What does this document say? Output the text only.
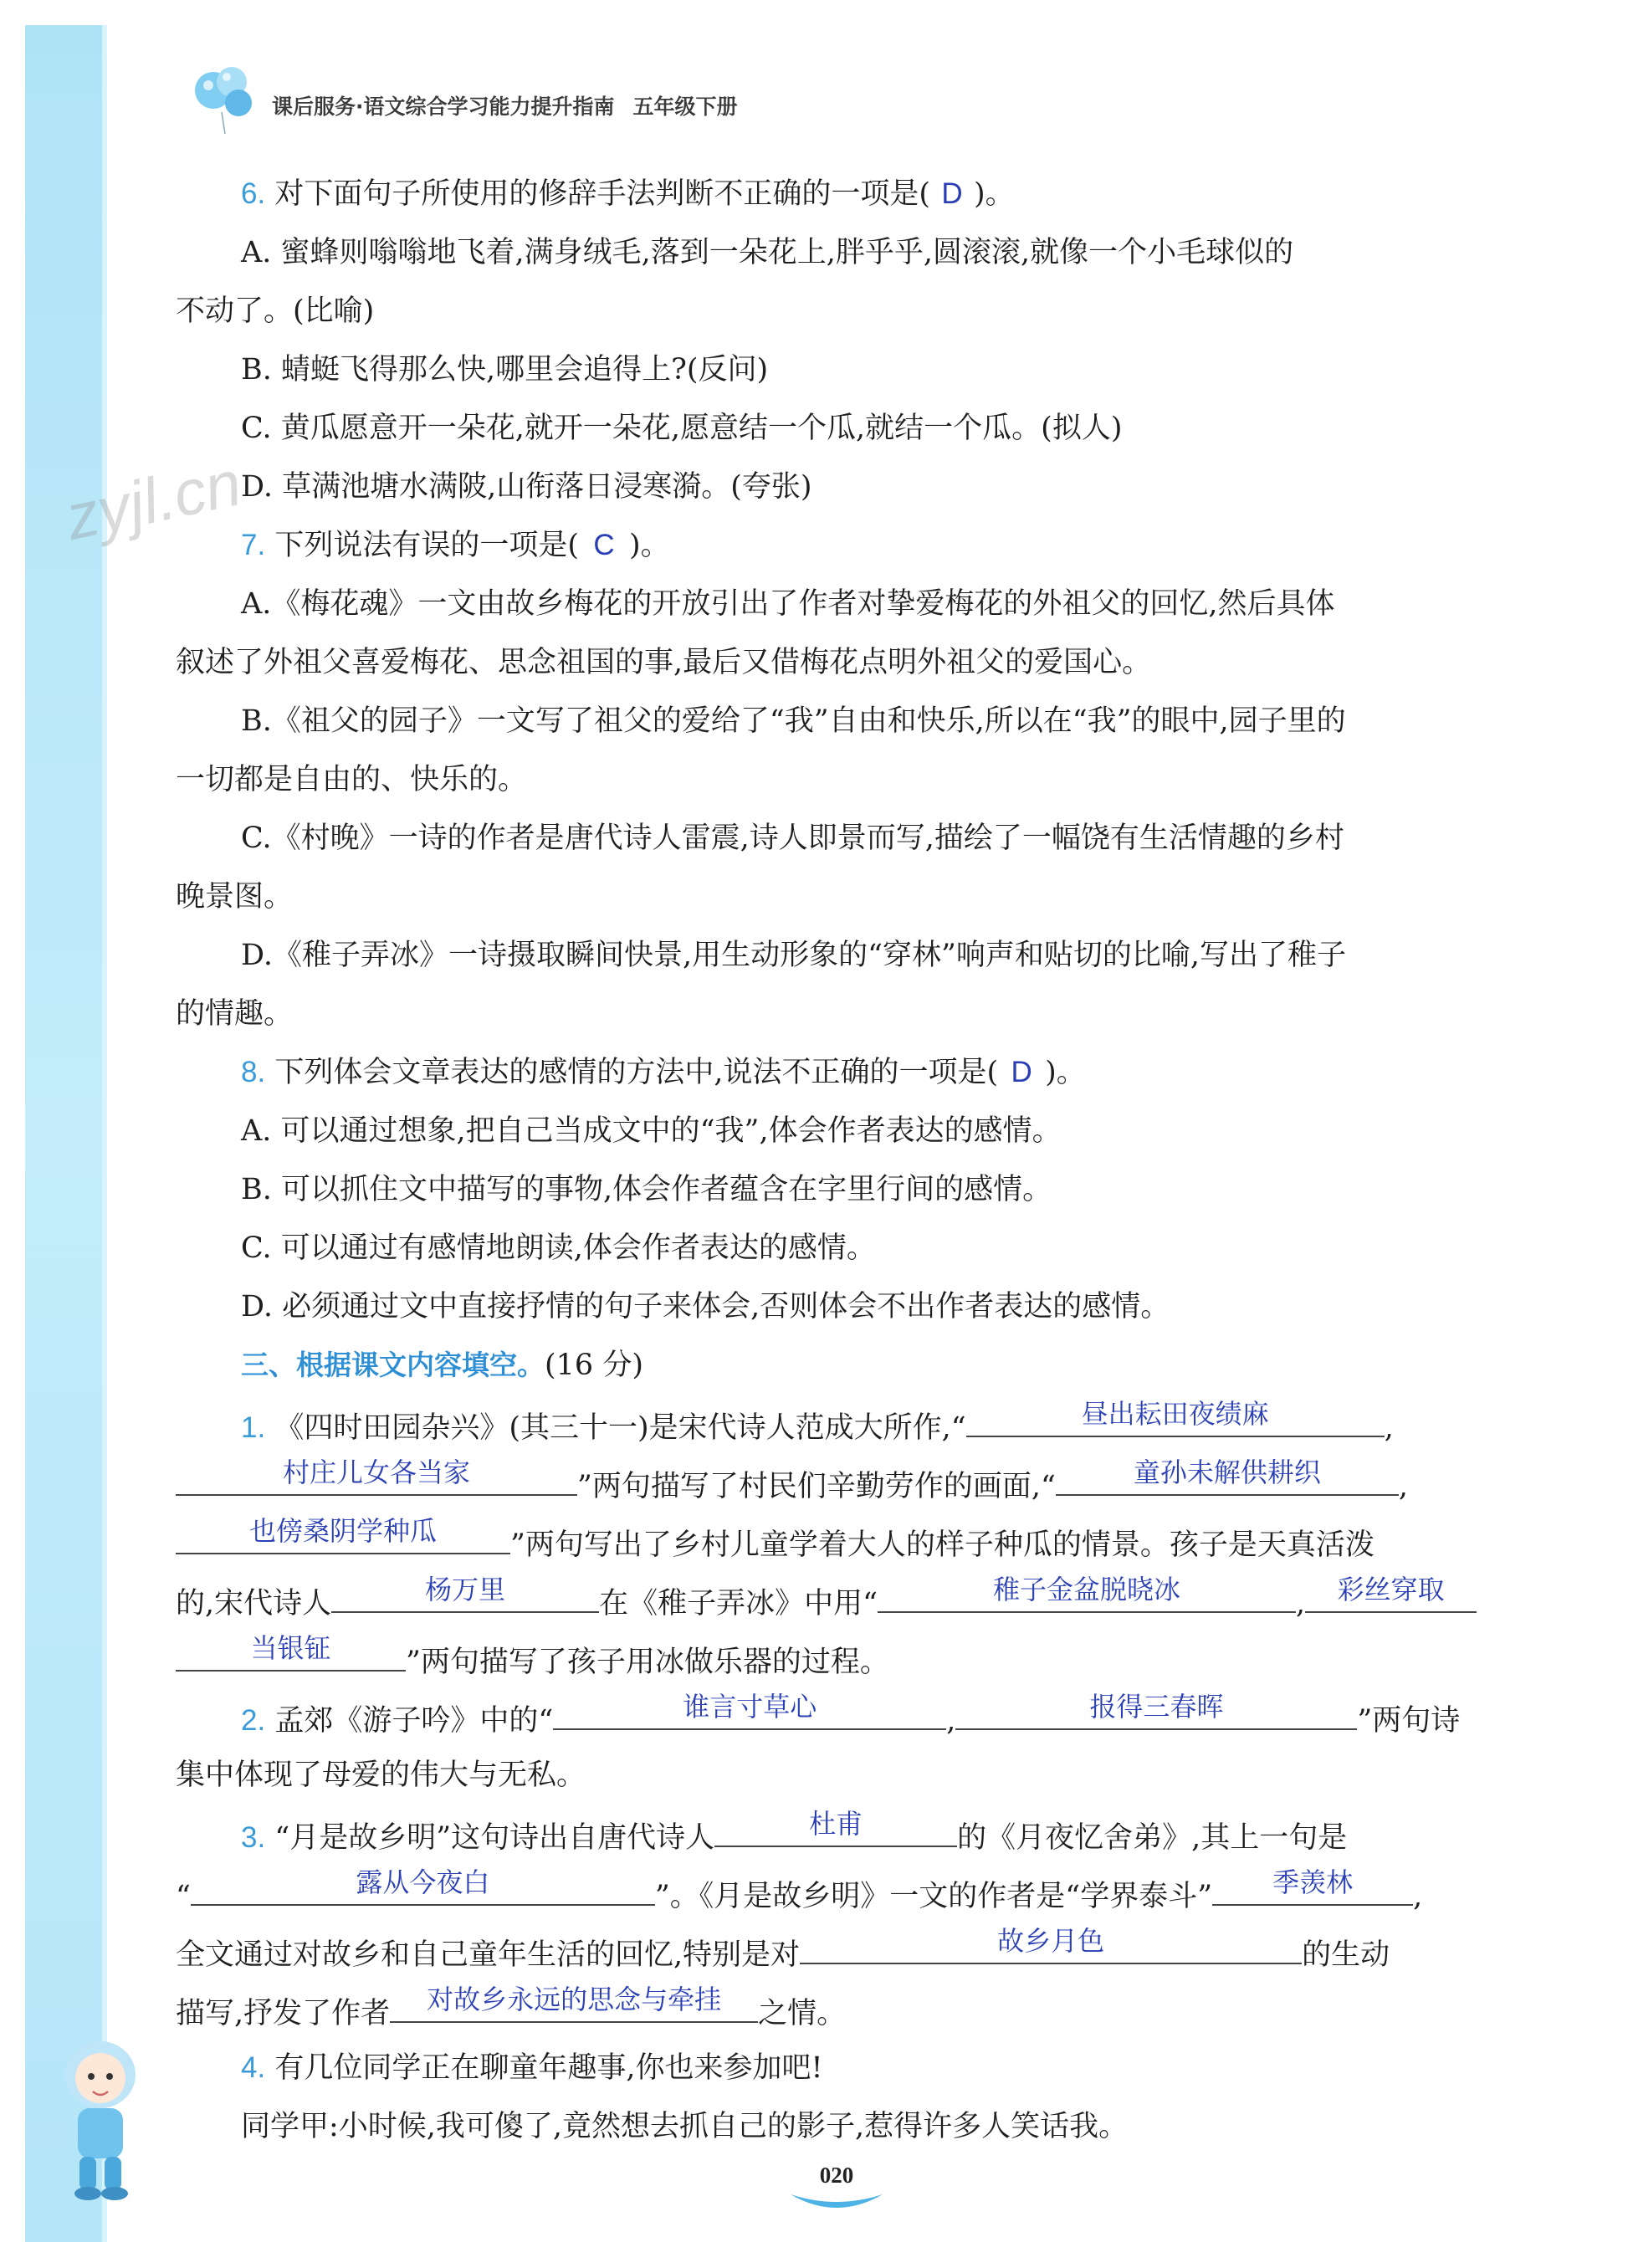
课后服务·语文综合学习能力提升指南 五年级下册
zyjl.cn
6. 对下面句子所使用的修辞手法判断不正确的一项是( D )。
A. 蜜蜂则嗡嗡地飞着,满身绒毛,落到一朵花上,胖乎乎,圆滚滚,就像一个小毛球似的
不动了。(比喻)
B. 蜻蜓飞得那么快,哪里会追得上?(反问)
C. 黄瓜愿意开一朵花,就开一朵花,愿意结一个瓜,就结一个瓜。(拟人)
D. 草满池塘水满陂,山衔落日浸寒漪。(夸张)
7. 下列说法有误的一项是( C )。
A.《梅花魂》一文由故乡梅花的开放引出了作者对挚爱梅花的外祖父的回忆,然后具体
叙述了外祖父喜爱梅花、思念祖国的事,最后又借梅花点明外祖父的爱国心。
B.《祖父的园子》一文写了祖父的爱给了“我”自由和快乐,所以在“我”的眼中,园子里的
一切都是自由的、快乐的。
C.《村晚》一诗的作者是唐代诗人雷震,诗人即景而写,描绘了一幅饶有生活情趣的乡村
晚景图。
D.《稚子弄冰》一诗摄取瞬间快景,用生动形象的“穿林”响声和贴切的比喻,写出了稚子
的情趣。
8. 下列体会文章表达的感情的方法中,说法不正确的一项是( D )。
A. 可以通过想象,把自己当成文中的“我”,体会作者表达的感情。
B. 可以抓住文中描写的事物,体会作者蕴含在字里行间的感情。
C. 可以通过有感情地朗读,体会作者表达的感情。
D. 必须通过文中直接抒情的句子来体会,否则体会不出作者表达的感情。
三、根据课文内容填空。(16 分)
1. 《四时田园杂兴》(其三十一)是宋代诗人范成大所作,“	昼出耘田夜绩麻	,
村庄儿女各当家	”两句描写了村民们辛勤劳作的画面,“	童孙未解供耕织	,
也傍桑阴学种瓜	”两句写出了乡村儿童学着大人的样子种瓜的情景。孩子是天真活泼
的,宋代诗人	杨万里	在《稚子弄冰》中用“	稚子金盆脱晓冰	,	彩丝穿取
当银钲	”两句描写了孩子用冰做乐器的过程。
2. 孟郊《游子吟》中的“	谁言寸草心	,	报得三春晖	”两句诗
集中体现了母爱的伟大与无私。
3. “月是故乡明”这句诗出自唐代诗人	杜甫	的《月夜忆舍弟》,其上一句是
“	露从今夜白	”。《月是故乡明》一文的作者是“学界泰斗”	季羡林	,
全文通过对故乡和自己童年生活的回忆,特别是对	故乡月色	的生动
描写,抒发了作者	对故乡永远的思念与牵挂	之情。
4. 有几位同学正在聊童年趣事,你也来参加吧!
同学甲:小时候,我可傻了,竟然想去抓自己的影子,惹得许多人笑话我。
020
